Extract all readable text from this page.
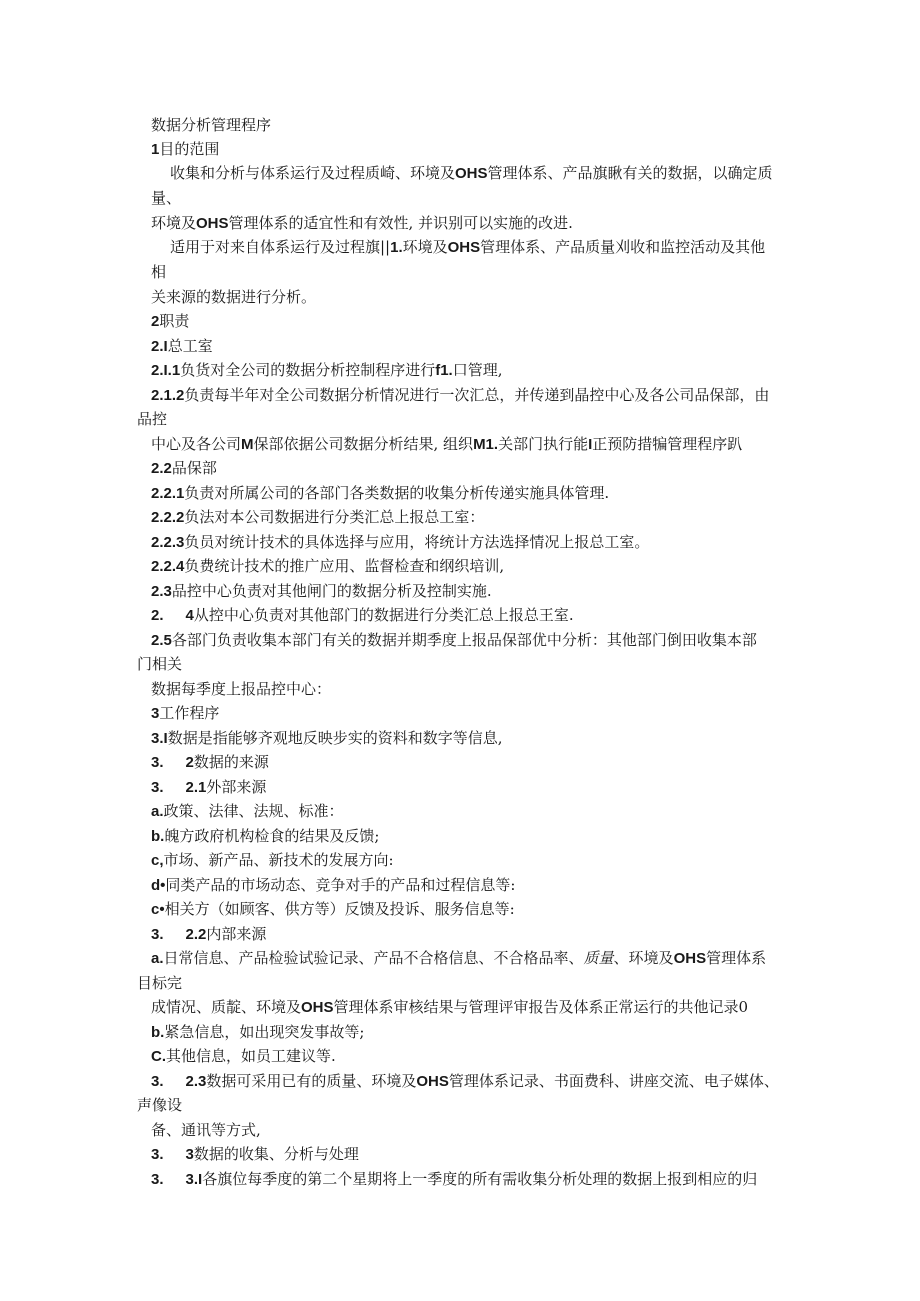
数据分析管理程序
1目的范围
收集和分析与体系运行及过程质崎、环境及OHS管理体系、产品旗瞅有关的数据，以确定质
量、
环境及OHS管理体系的适宜性和有效性, 并识别可以实施的改进.
适用于对来自体系运行及过程旗||1.环境及OHS管理体系、产品质量刈收和监控活动及其他
相
关来源的数据进行分析。
2职责
2.I总工室
2.I.1负货对全公司的数据分析控制程序进行f1.口管理,
2.1.2负责每半年对全公司数据分析情况进行一次汇总，并传递到晶控中心及各公司品保部，由
品控
中心及各公司M保部依据公司数据分析结果, 组织M1.关部门执行能I正预防措犏管理程序趴
2.2品保部
2.2.1负责对所属公司的各部门各类数据的收集分析传递实施具体管理.
2.2.2负法对本公司数据进行分类汇总上报总工室：
2.2.3负员对统计技术的具体选择与应用，将统计方法选择情况上报总工室。
2.2.4负费统计技术的推广应用、监督检查和纲织培训,
2.3品控中心负责对其他闸门的数据分析及控制实施.
2. 4从控中心负责对其他部门的数据进行分类汇总上报总王室.
2.5各部门负责收集本部门有关的数据并期季度上报品保部优中分析：其他部门倒田收集本部
门相关
数据每季度上报品控中心：
3工作程序
3.I数据是指能够齐观地反映步实的资料和数字等信息,
3. 2数据的来源
3. 2.1外部来源
a.政策、法律、法规、标准：
b.魄方政府机构检食的结果及反馈;
c,市场、新产品、新技术的发展方向:
d•同类产品的市场动态、竞争对手的产品和过程信息等:
c•相关方（如顾客、供方等）反馈及投诉、服务信息等:
3. 2.2内部来源
a.日常信息、产品检验试验记录、产品不合格信息、不合格品率、质量、环境及OHS管理体系
目标完
成情况、质靛、环境及OHS管理体系审核结果与管理评审报告及体系正常运行的共他记录0
b.紧急信息，如出现突发事故等;
C.其他信息，如员工建议等.
3. 2.3数据可采用已有的质量、环境及OHS管理体系记录、书面费科、讲座交流、电子媒体、
声像设
备、通讯等方式,
3. 3数据的收集、分析与处理
3. 3.I各旗位每季度的第二个星期将上一季度的所有需收集分析处理的数据上报到相应的归
